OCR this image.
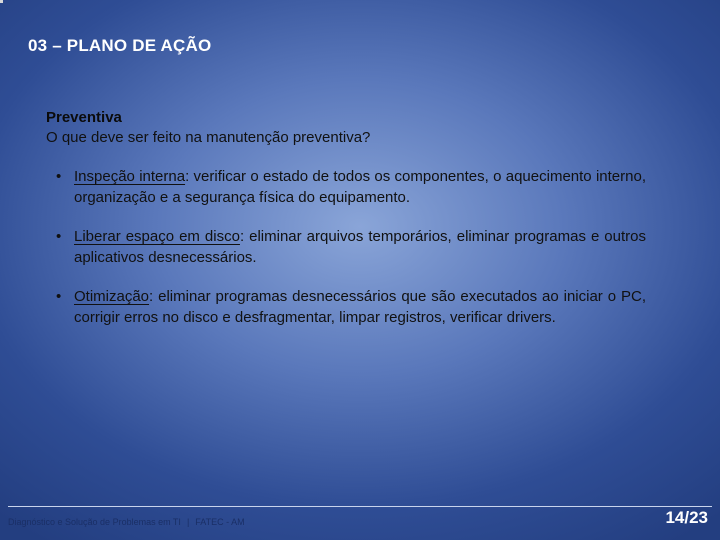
03 – PLANO DE AÇÃO
Preventiva
O que deve ser feito na manutenção preventiva?
• Inspeção interna: verificar o estado de todos os componentes, o aquecimento interno, organização e a segurança física do equipamento.
• Liberar espaço em disco: eliminar arquivos temporários, eliminar programas e outros aplicativos desnecessários.
• Otimização: eliminar programas desnecessários que são executados ao iniciar o PC, corrigir erros no disco e desfragmentar, limpar registros, verificar drivers.
Diagnóstico e Solução de Problemas em TI | FATEC - AM	14/23
